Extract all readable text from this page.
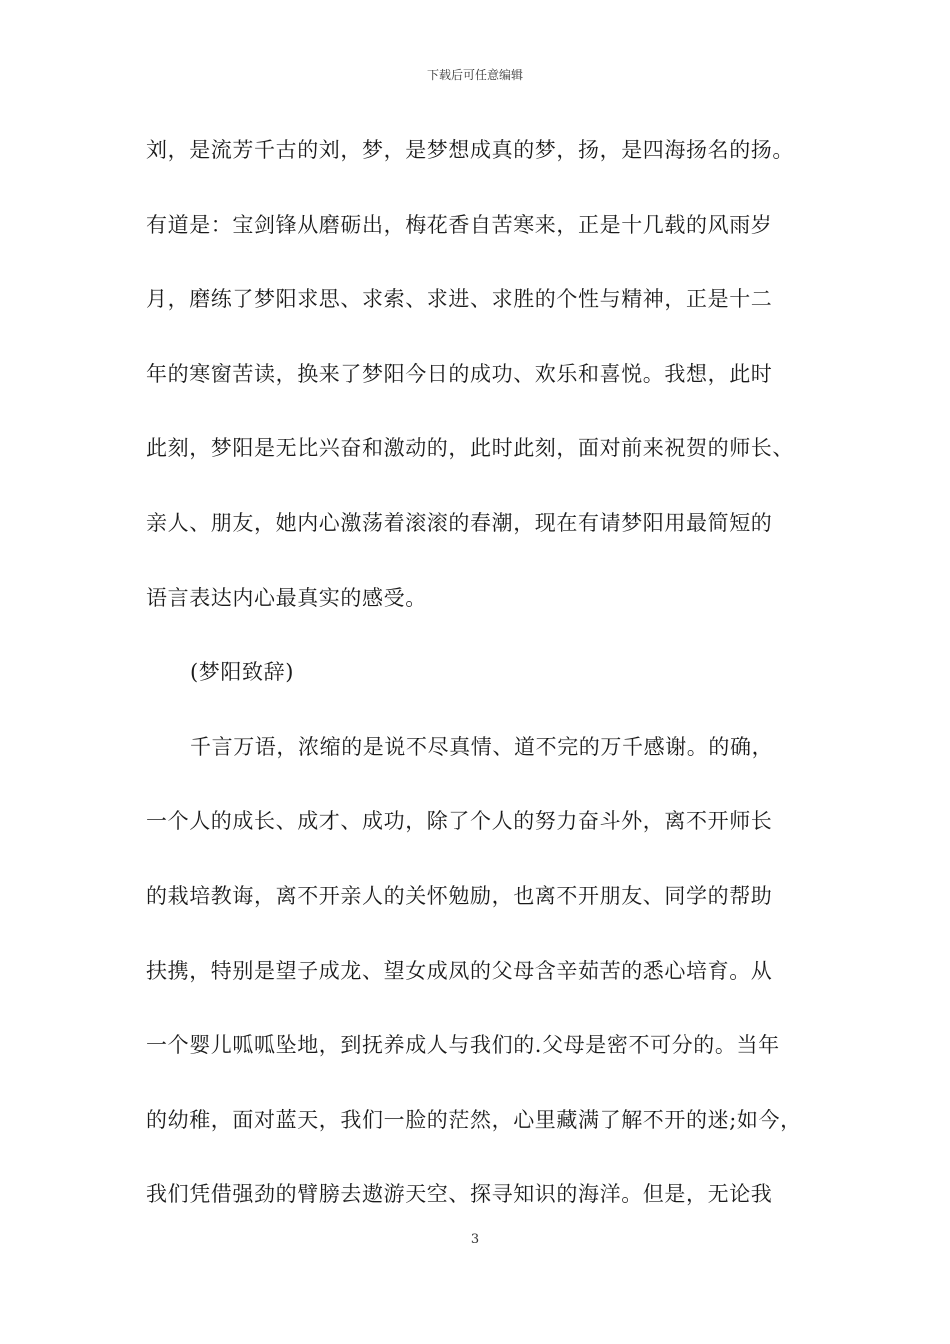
下载后可任意编辑
刘，是流芳千古的刘，梦，是梦想成真的梦，扬，是四海扬名的扬。
有道是：宝剑锋从磨砺出，梅花香自苦寒来，正是十几载的风雨岁
月，磨练了梦阳求思、求索、求进、求胜的个性与精神，正是十二
年的寒窗苦读，换来了梦阳今日的成功、欢乐和喜悦。我想，此时
此刻，梦阳是无比兴奋和激动的，此时此刻，面对前来祝贺的师长、
亲人、朋友，她内心激荡着滚滚的春潮，现在有请梦阳用最简短的
语言表达内心最真实的感受。
(梦阳致辞)
千言万语，浓缩的是说不尽真情、道不完的万千感谢。的确，
一个人的成长、成才、成功，除了个人的努力奋斗外，离不开师长
的栽培教诲，离不开亲人的关怀勉励，也离不开朋友、同学的帮助
扶携，特别是望子成龙、望女成凤的父母含辛茹苦的悉心培育。从
一个婴儿呱呱坠地，到抚养成人与我们的.父母是密不可分的。当年
的幼稚，面对蓝天，我们一脸的茫然，心里藏满了解不开的迷;如今，
我们凭借强劲的臂膀去遨游天空、探寻知识的海洋。但是，无论我
3
